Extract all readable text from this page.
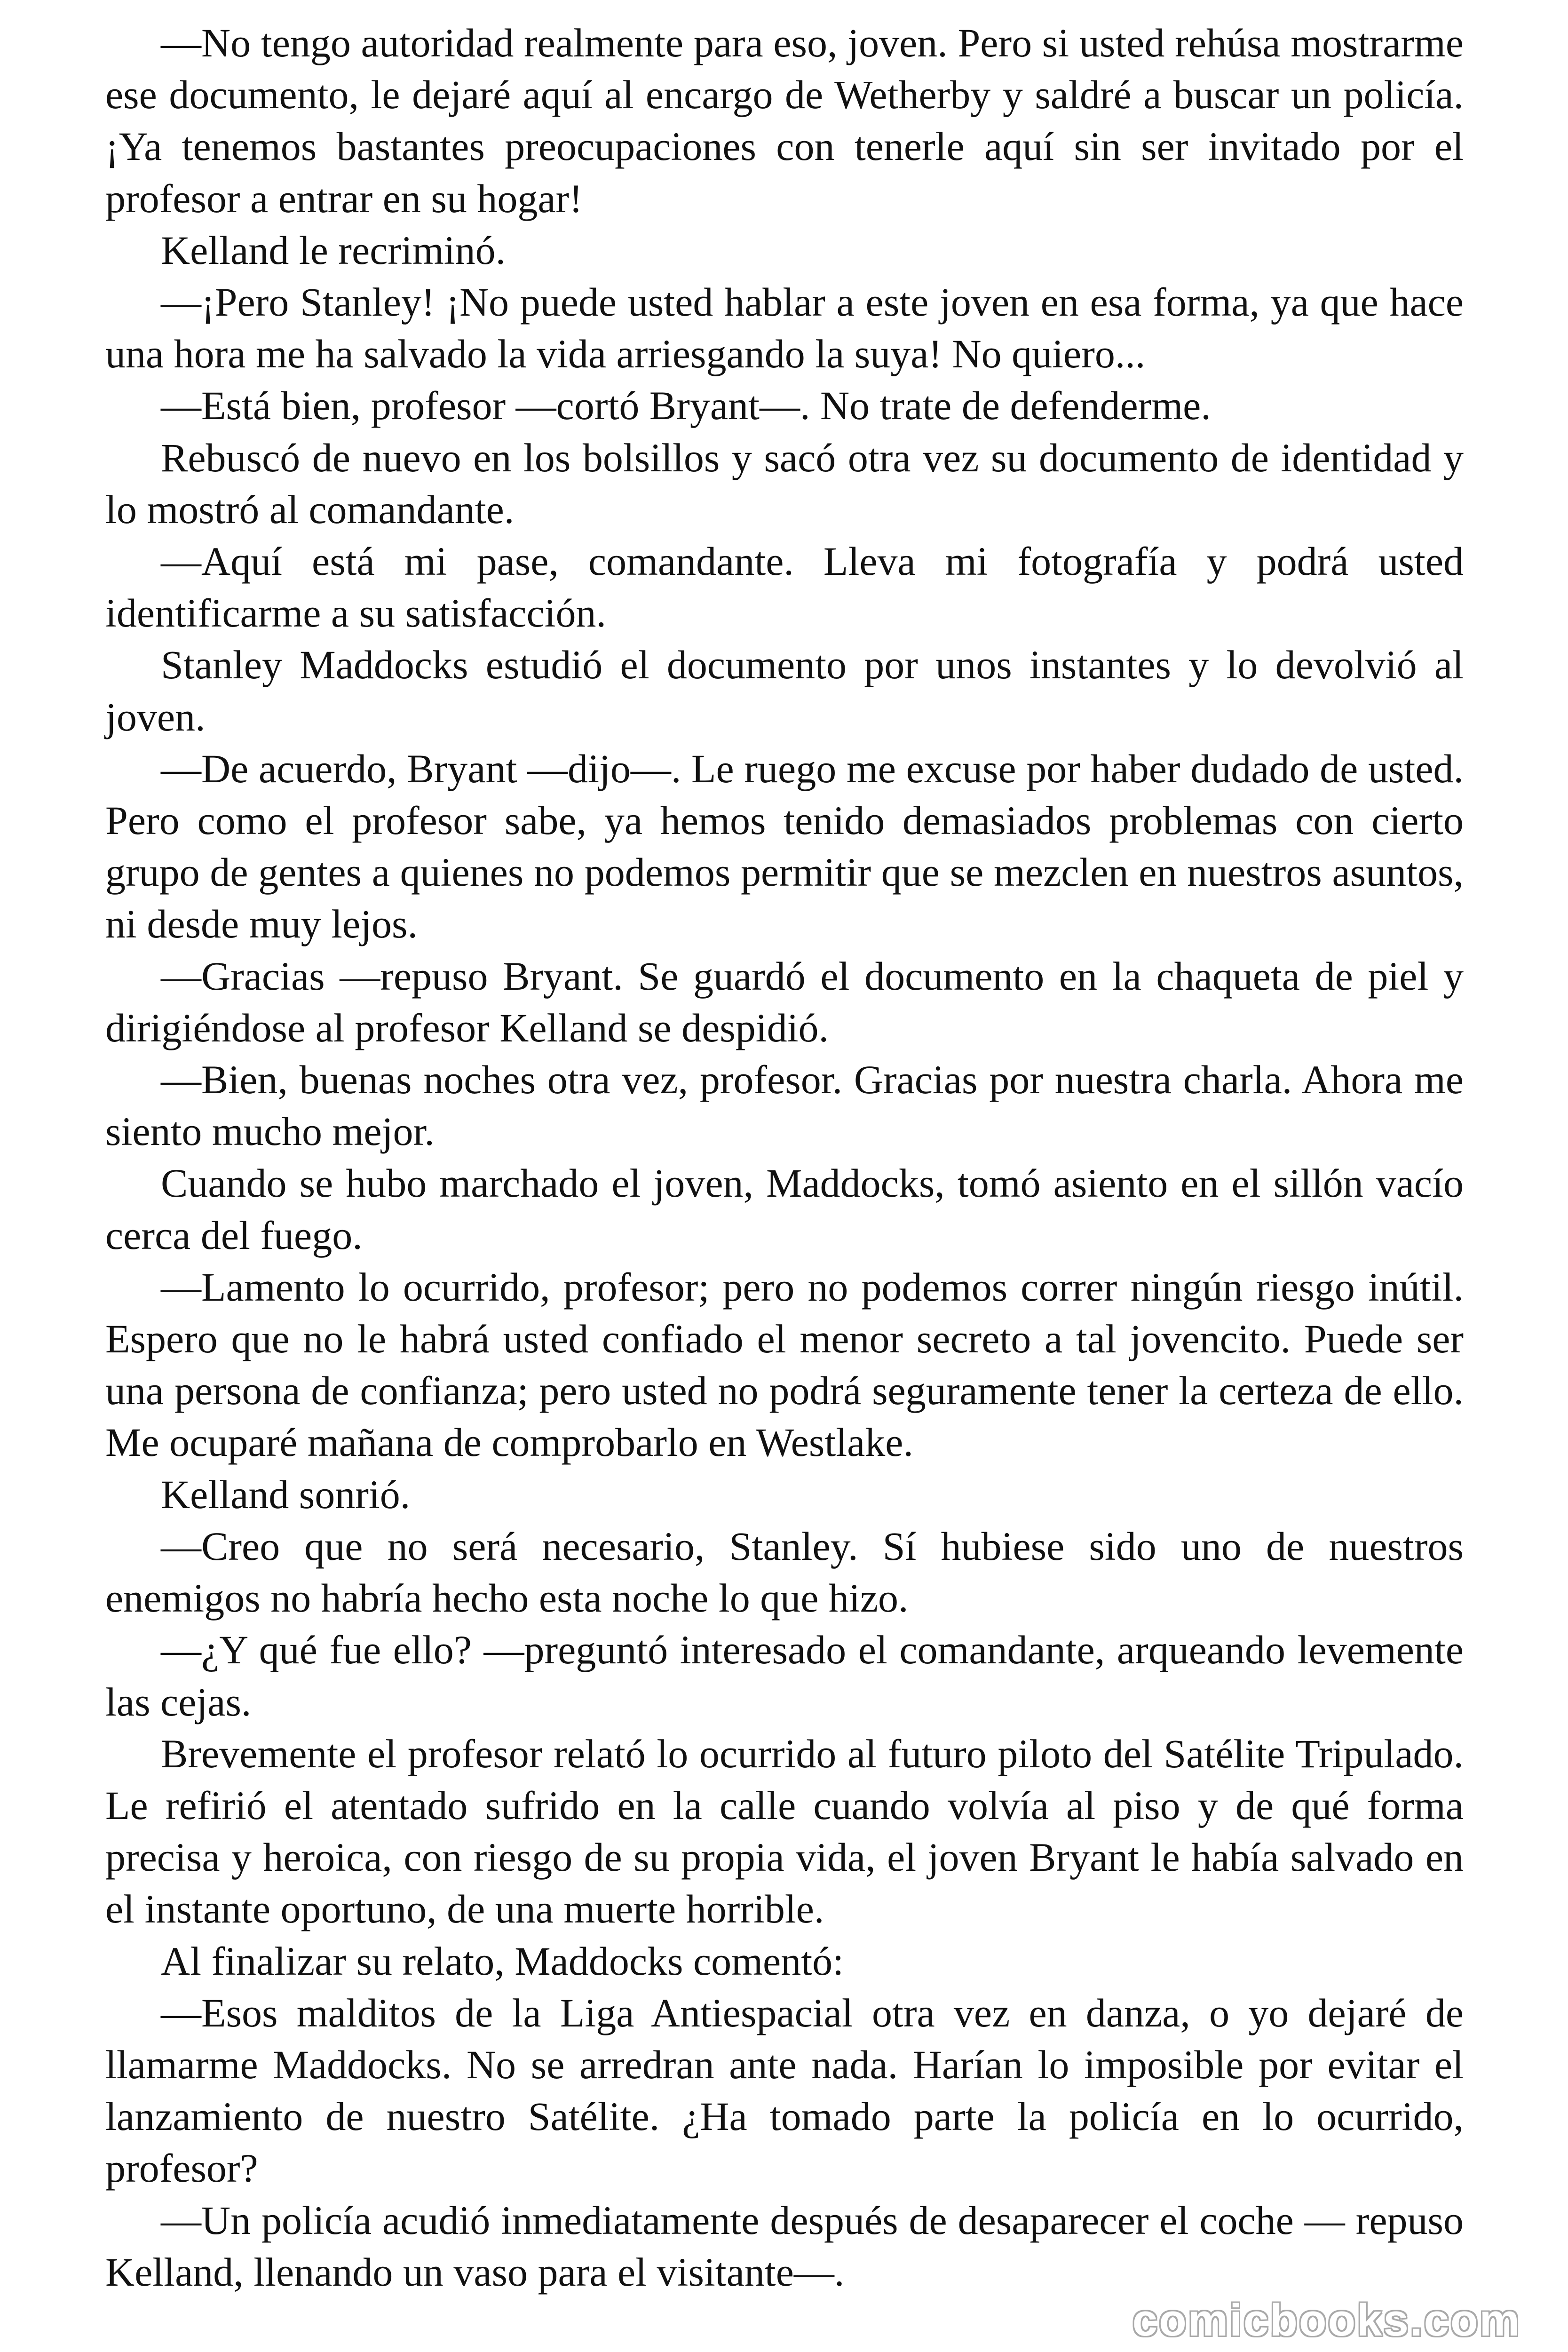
—No tengo autoridad realmente para eso, joven. Pero si usted rehúsa mostrarme ese documento, le dejaré aquí al encargo de Wetherby y saldré a buscar un policía. ¡Ya tenemos bastantes preocupaciones con tenerle aquí sin ser invitado por el profesor a entrar en su hogar!

Kelland le recriminó.

—¡Pero Stanley! ¡No puede usted hablar a este joven en esa forma, ya que hace una hora me ha salvado la vida arriesgando la suya! No quiero...

—Está bien, profesor —cortó Bryant—. No trate de defenderme.

Rebuscó de nuevo en los bolsillos y sacó otra vez su documento de identidad y lo mostró al comandante.

—Aquí está mi pase, comandante. Lleva mi fotografía y podrá usted identificarme a su satisfacción.

Stanley Maddocks estudió el documento por unos instantes y lo devolvió al joven.

—De acuerdo, Bryant —dijo—. Le ruego me excuse por haber dudado de usted. Pero como el profesor sabe, ya hemos tenido demasiados problemas con cierto grupo de gentes a quienes no podemos permitir que se mezclen en nuestros asuntos, ni desde muy lejos.

—Gracias —repuso Bryant. Se guardó el documento en la chaqueta de piel y dirigiéndose al profesor Kelland se despidió.

—Bien, buenas noches otra vez, profesor. Gracias por nuestra charla. Ahora me siento mucho mejor.

Cuando se hubo marchado el joven, Maddocks, tomó asiento en el sillón vacío cerca del fuego.

—Lamento lo ocurrido, profesor; pero no podemos correr ningún riesgo inútil. Espero que no le habrá usted confiado el menor secreto a tal jovencito. Puede ser una persona de confianza; pero usted no podrá seguramente tener la certeza de ello. Me ocuparé mañana de comprobarlo en Westlake.

Kelland sonrió.

—Creo que no será necesario, Stanley. Sí hubiese sido uno de nuestros enemigos no habría hecho esta noche lo que hizo.

—¿Y qué fue ello? —preguntó interesado el comandante, arqueando levemente las cejas.

Brevemente el profesor relató lo ocurrido al futuro piloto del Satélite Tripulado. Le refirió el atentado sufrido en la calle cuando volvía al piso y de qué forma precisa y heroica, con riesgo de su propia vida, el joven Bryant le había salvado en el instante oportuno, de una muerte horrible.

Al finalizar su relato, Maddocks comentó:

—Esos malditos de la Liga Antiespacial otra vez en danza, o yo dejaré de llamarme Maddocks. No se arredran ante nada. Harían lo imposible por evitar el lanzamiento de nuestro Satélite. ¿Ha tomado parte la policía en lo ocurrido, profesor?

—Un policía acudió inmediatamente después de desaparecer el coche — repuso Kelland, llenando un vaso para el visitante—.

comicbooks.com
